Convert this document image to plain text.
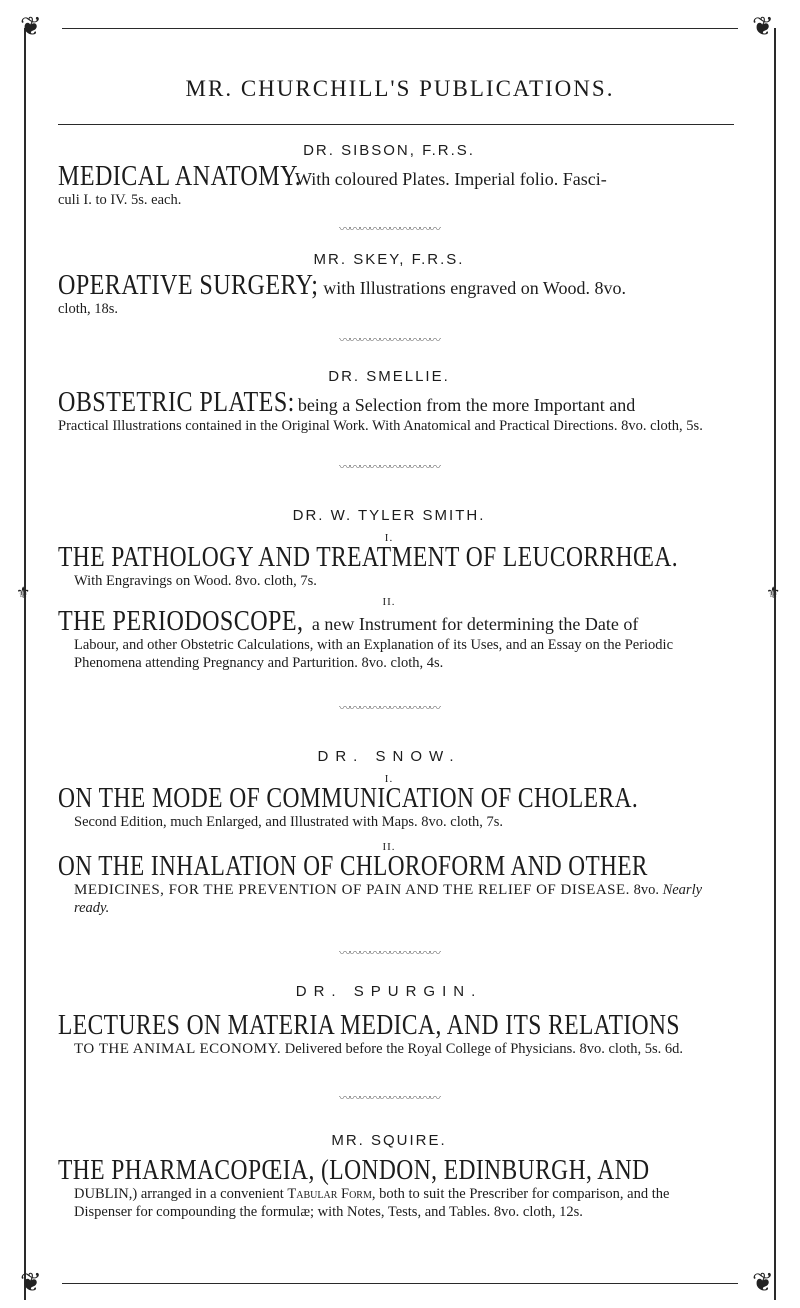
❦	❦
❦	❦
⚜	⚜
MR. CHURCHILL'S PUBLICATIONS.

DR. SIBSON, F.R.S.

MEDICAL ANATOMY. With coloured Plates. Imperial folio. Fasci-

culi I. to IV. 5s. each.

〰〰〰〰〰〰〰〰〰〰

MR. SKEY, F.R.S.

OPERATIVE SURGERY; with Illustrations engraved on Wood. 8vo.

cloth, 18s.

〰〰〰〰〰〰〰〰〰〰

DR. SMELLIE.

OBSTETRIC PLATES: being a Selection from the more Important and

Practical Illustrations contained in the Original Work. With Anatomical and Practical Directions. 8vo. cloth, 5s.

〰〰〰〰〰〰〰〰〰〰

DR. W. TYLER SMITH.

I.

THE PATHOLOGY AND TREATMENT OF LEUCORRHŒA.

With Engravings on Wood. 8vo. cloth, 7s.

II.

THE PERIODOSCOPE, a new Instrument for determining the Date of

Labour, and other Obstetric Calculations, with an Explanation of its Uses, and an Essay on the Periodic Phenomena attending Pregnancy and Parturition. 8vo. cloth, 4s.

〰〰〰〰〰〰〰〰〰〰

DR. SNOW.

I.

ON THE MODE OF COMMUNICATION OF CHOLERA.

Second Edition, much Enlarged, and Illustrated with Maps. 8vo. cloth, 7s.

II.

ON THE INHALATION OF CHLOROFORM AND OTHER

MEDICINES, FOR THE PREVENTION OF PAIN AND THE RELIEF OF DISEASE. 8vo. Nearly ready.

〰〰〰〰〰〰〰〰〰〰

DR. SPURGIN.

LECTURES ON MATERIA MEDICA, AND ITS RELATIONS

TO THE ANIMAL ECONOMY. Delivered before the Royal College of Physicians. 8vo. cloth, 5s. 6d.

〰〰〰〰〰〰〰〰〰〰

MR. SQUIRE.

THE PHARMACOPŒIA, (LONDON, EDINBURGH, AND

DUBLIN,) arranged in a convenient Tabular Form, both to suit the Prescriber for comparison, and the Dispenser for compounding the formulæ; with Notes, Tests, and Tables. 8vo. cloth, 12s.
